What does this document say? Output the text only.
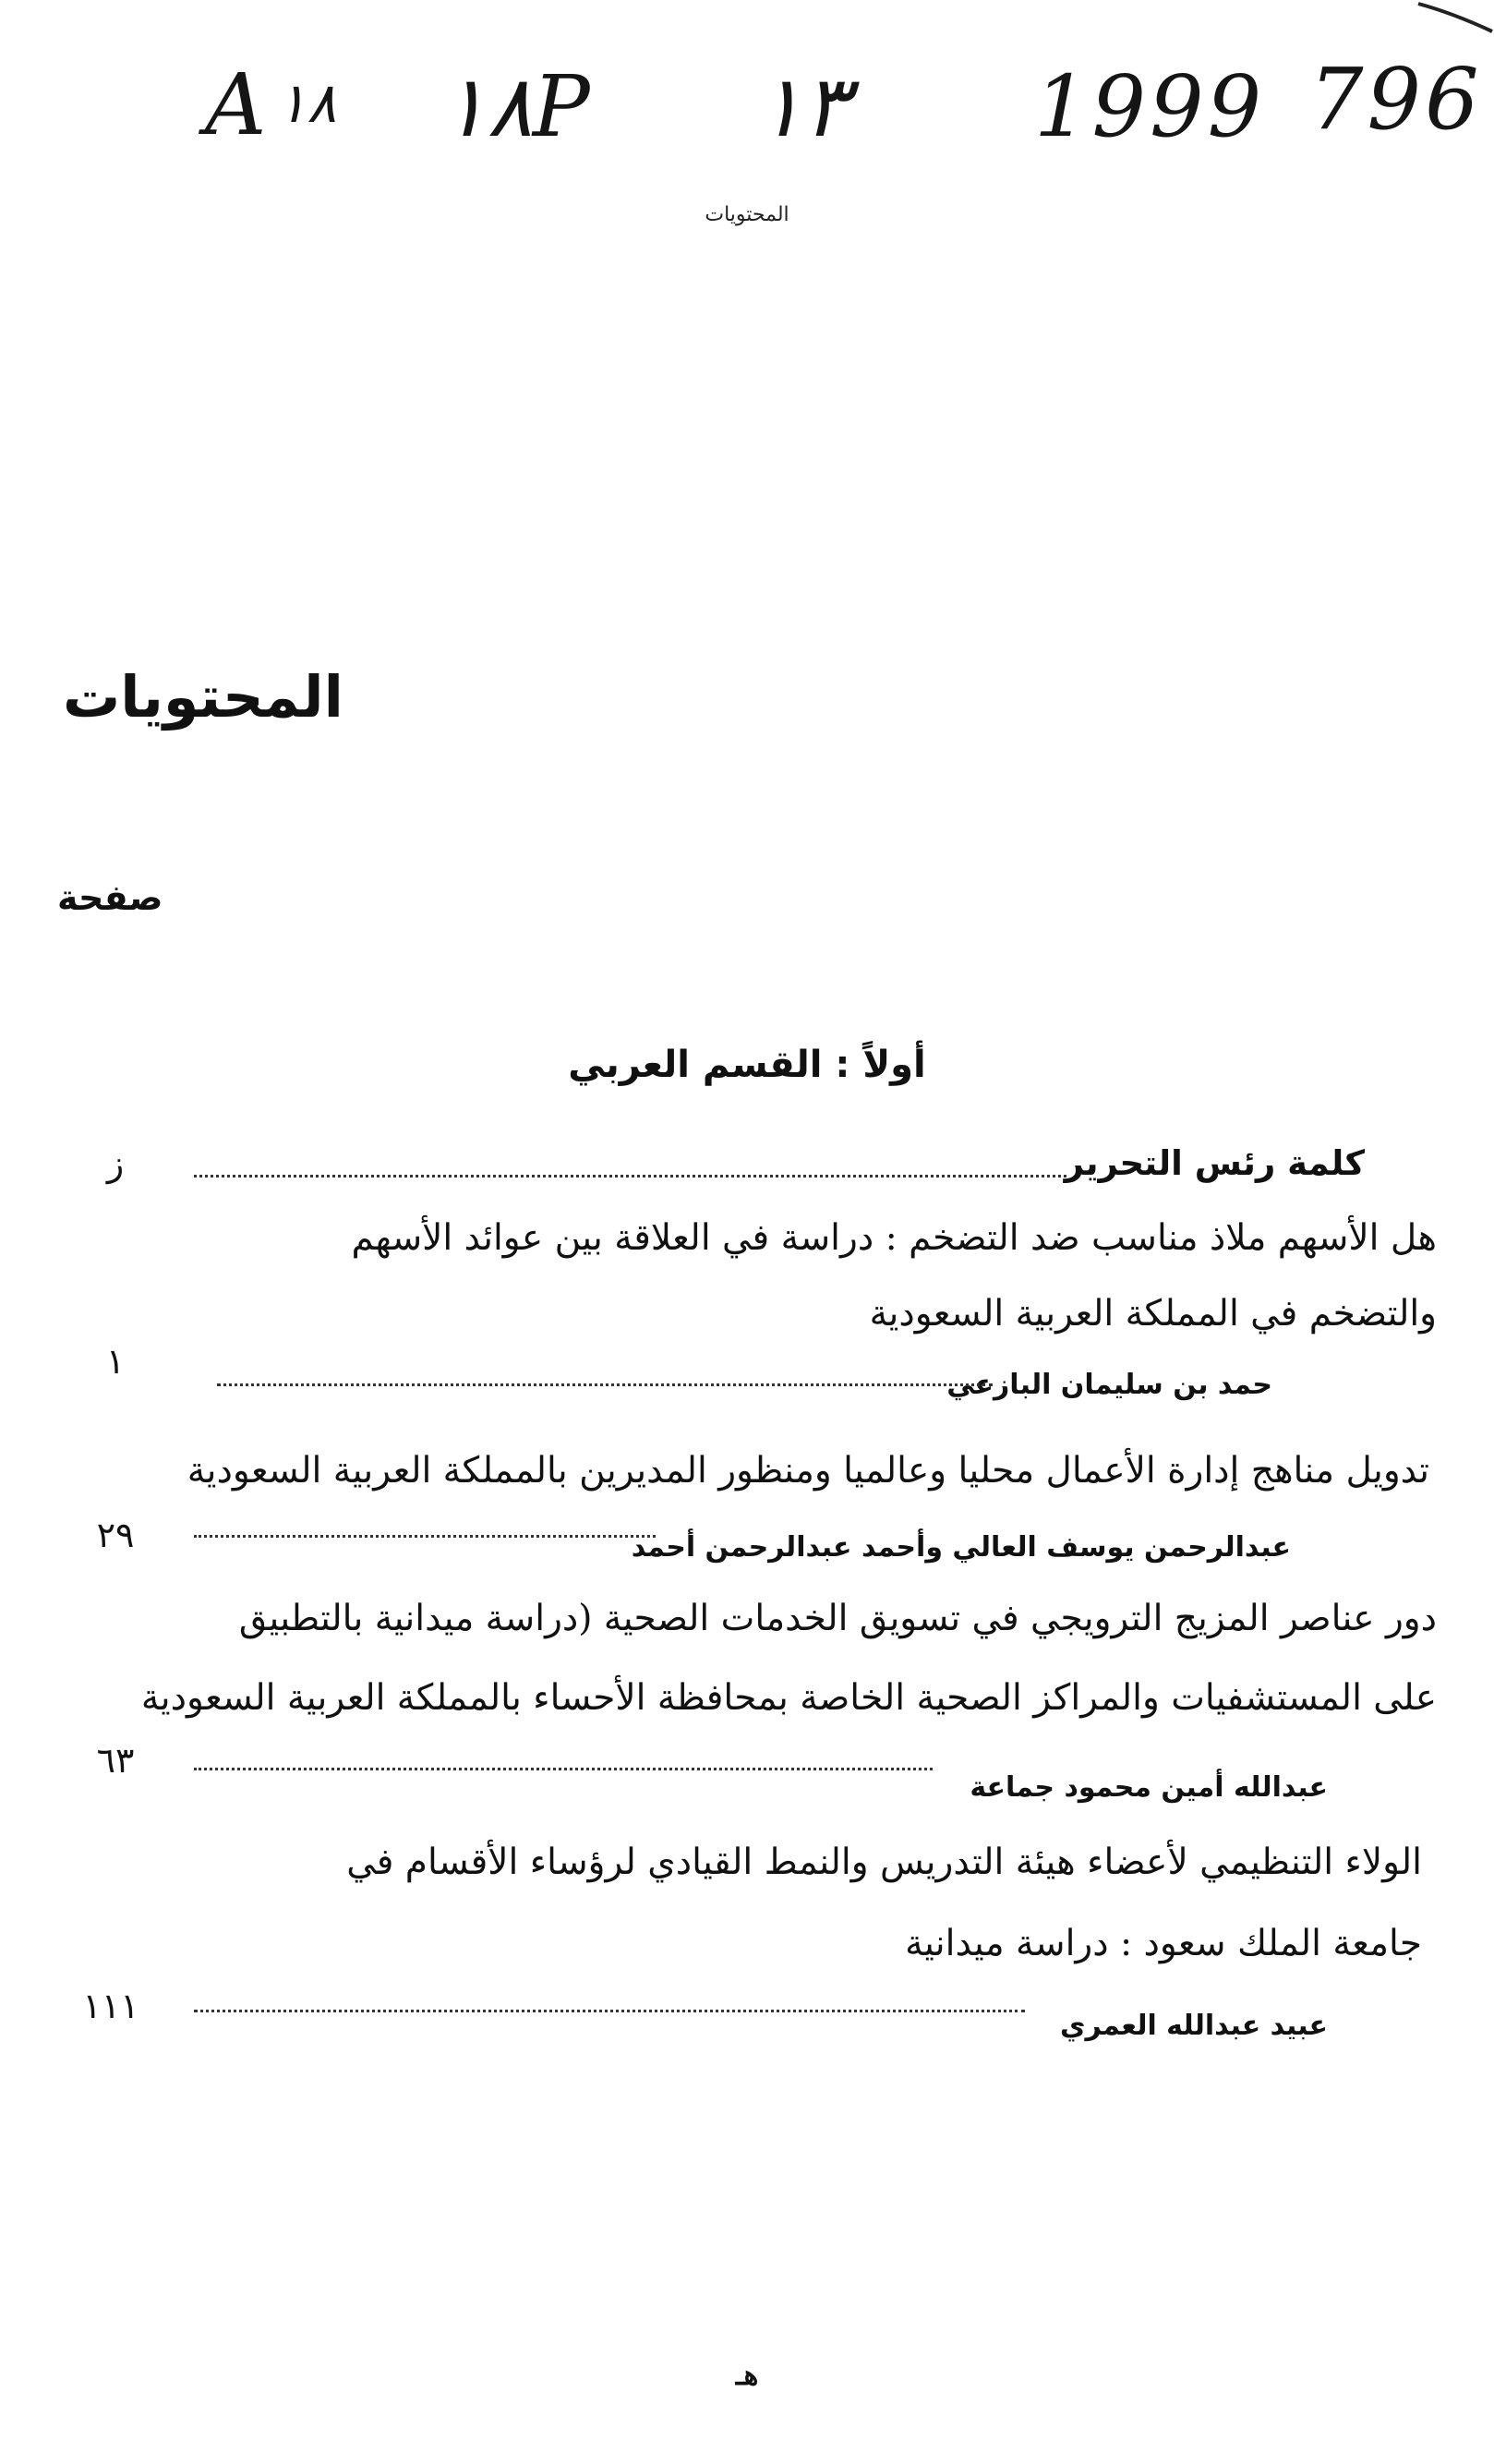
A ١٨ ١٨P ١٣ 1999 796
المحتويات
المحتويات
صفحة
أولاً : القسم العربي
كلمة رئس التحرير
ز
هل الأسهم ملاذ مناسب ضد التضخم : دراسة في العلاقة بين عوائد الأسهم
والتضخم في المملكة العربية السعودية
حمد بن سليمان البازعي
١
تدويل مناهج إدارة الأعمال محليا وعالميا ومنظور المديرين بالمملكة العربية السعودية
عبدالرحمن يوسف العالي وأحمد عبدالرحمن أحمد
٢٩
دور عناصر المزيج الترويجي في تسويق الخدمات الصحية (دراسة ميدانية بالتطبيق
على المستشفيات والمراكز الصحية الخاصة بمحافظة الأحساء بالمملكة العربية السعودية
عبدالله أمين محمود جماعة
٦٣
الولاء التنظيمي لأعضاء هيئة التدريس والنمط القيادي لرؤساء الأقسام في
جامعة الملك سعود : دراسة ميدانية
عبيد عبدالله العمري
١١١
هـ
